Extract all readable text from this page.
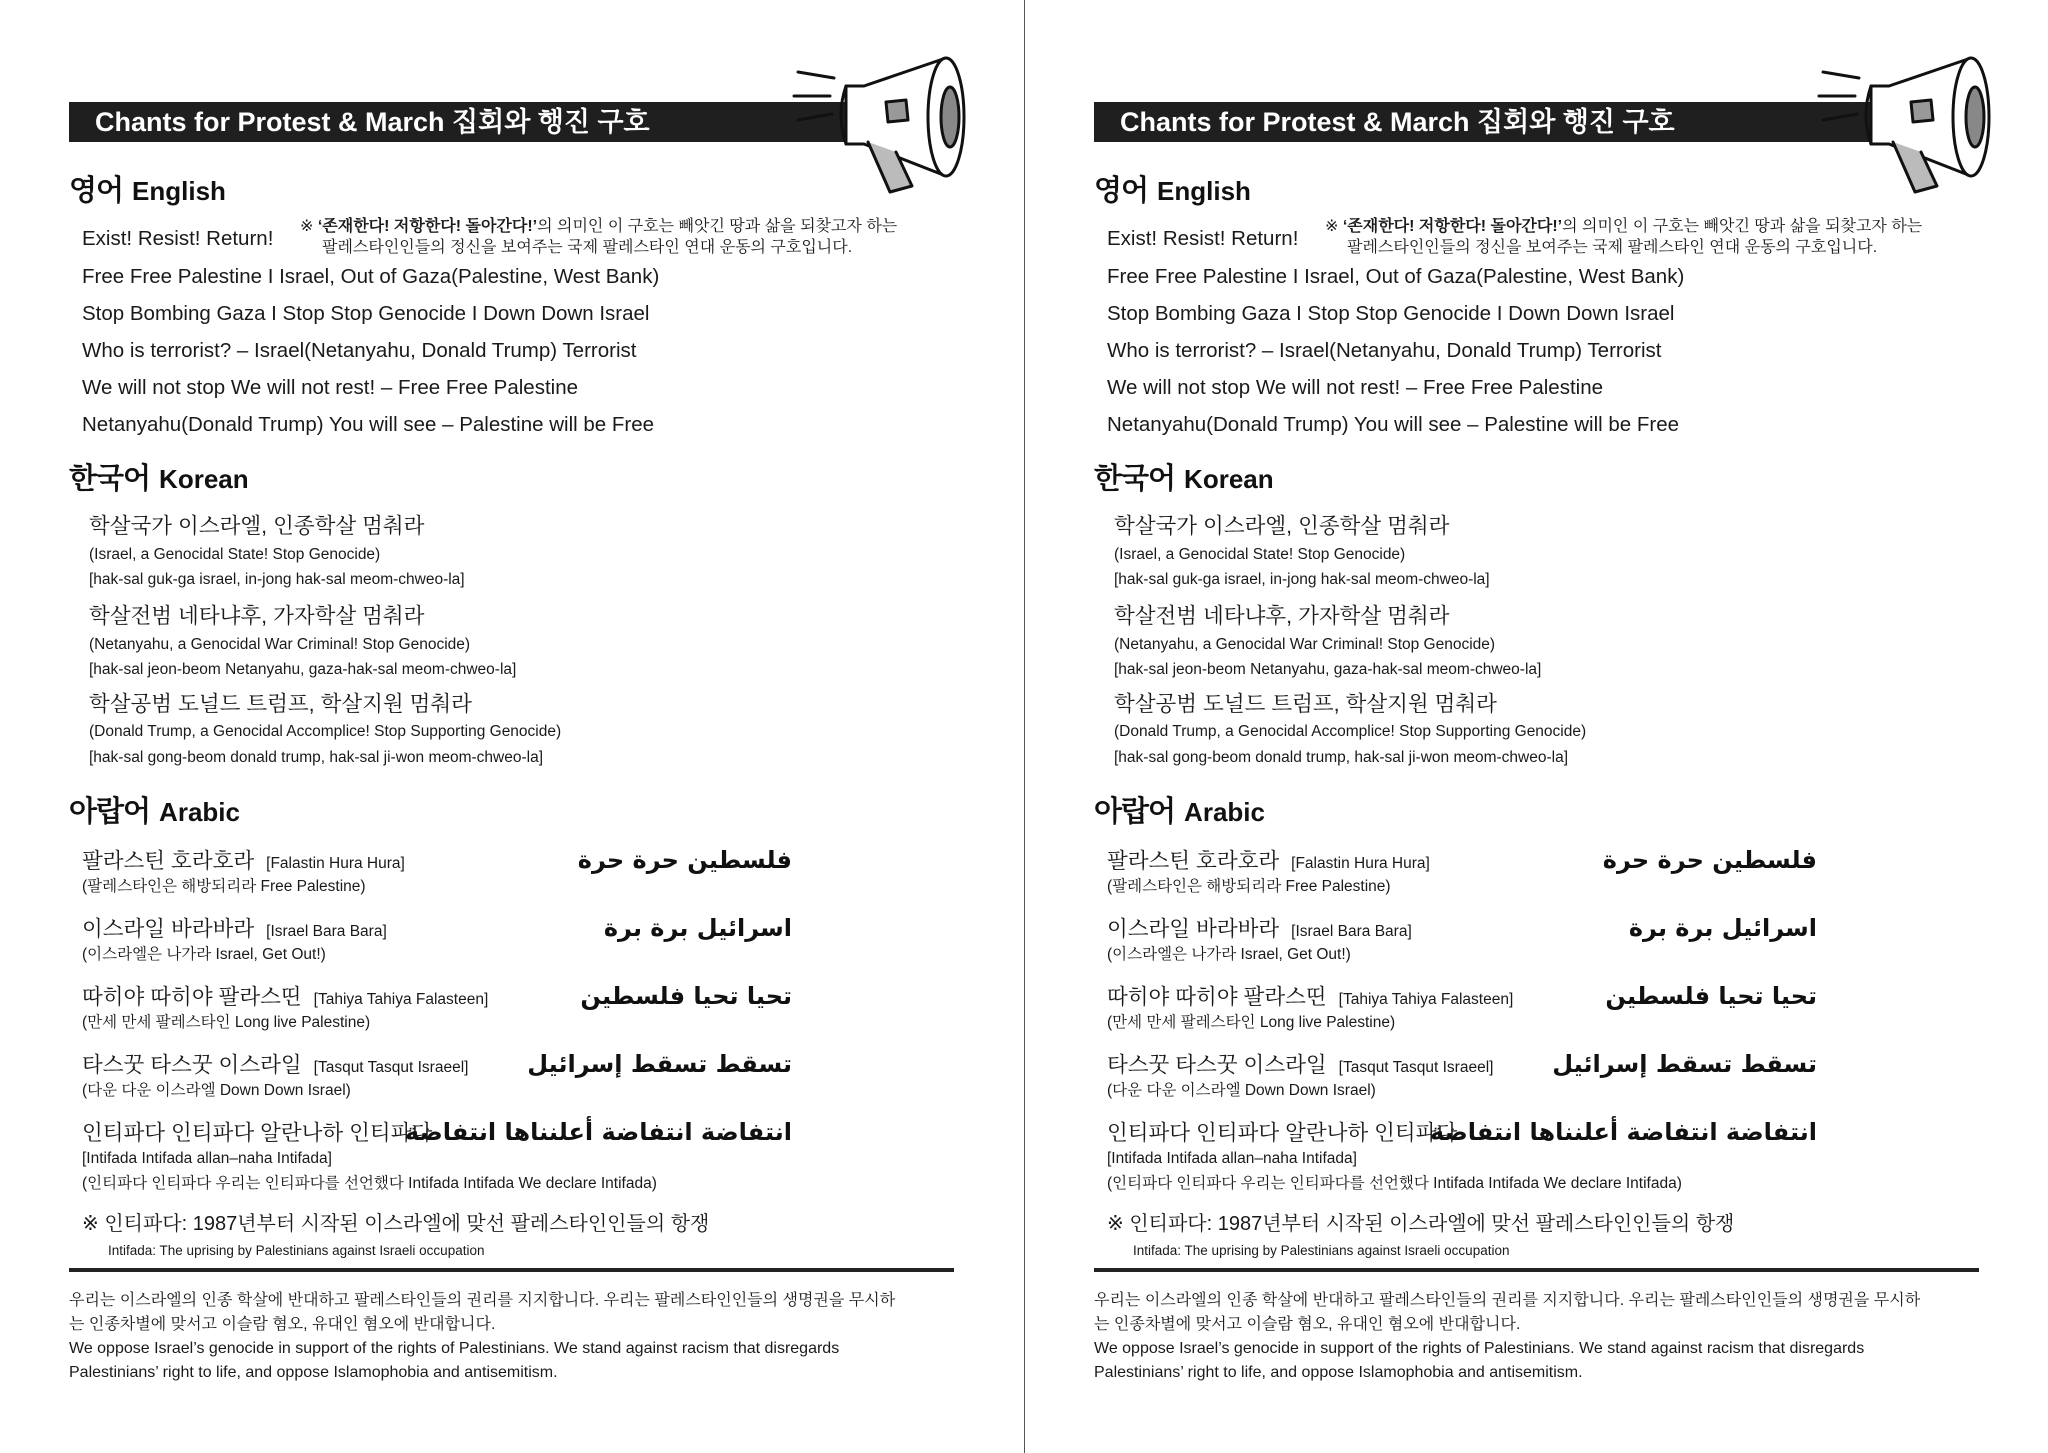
Chants for Protest & March 집회와 행진 구호
영어 English
Exist! Resist! Return!
※ ‘존재한다! 저항한다! 돌아간다!’의 의미인 이 구호는 빼앗긴 땅과 삶을 되찾고자 하는
팔레스타인인들의 정신을 보여주는 국제 팔레스타인 연대 운동의 구호입니다.
Free Free Palestine I Israel, Out of Gaza(Palestine, West Bank)
Stop Bombing Gaza I Stop Stop Genocide I Down Down Israel
Who is terrorist? – Israel(Netanyahu, Donald Trump) Terrorist
We will not stop We will not rest! – Free Free Palestine
Netanyahu(Donald Trump) You will see – Palestine will be Free
한국어 Korean
학살국가 이스라엘, 인종학살 멈춰라
(Israel, a Genocidal State! Stop Genocide)
[hak-sal guk-ga israel, in-jong hak-sal meom-chweo-la]
학살전범 네타냐후, 가자학살 멈춰라
(Netanyahu, a Genocidal War Criminal! Stop Genocide)
[hak-sal jeon-beom Netanyahu, gaza-hak-sal meom-chweo-la]
학살공범 도널드 트럼프, 학살지원 멈춰라
(Donald Trump, a Genocidal Accomplice! Stop Supporting Genocide)
[hak-sal gong-beom donald trump, hak-sal ji-won meom-chweo-la]
아랍어 Arabic
팔라스틴 호라호라 [Falastin Hura Hura]	فلسطين حرة حرة
(팔레스타인은 해방되리라 Free Palestine)
이스라일 바라바라 [Israel Bara Bara]	اسرائيل برة برة
(이스라엘은 나가라 Israel, Get Out!)
따히야 따히야 팔라스띤 [Tahiya Tahiya Falasteen]	تحيا تحيا فلسطين
(만세 만세 팔레스타인 Long live Palestine)
타스꿋 타스꿋 이스라일 [Tasqut Tasqut Israeel] تسقط تسقط إسرائيل
(다운 다운 이스라엘 Down Down Israel)
인티파다 인티파다 알란나하 인티파다
انتفاضة انتفاضة أعلنناها انتفاضة
[Intifada Intifada allan–naha Intifada]
(인티파다 인티파다 우리는 인티파다를 선언했다 Intifada Intifada We declare Intifada)
※ 인티파다: 1987년부터 시작된 이스라엘에 맞선 팔레스타인인들의 항쟁
Intifada: The uprising by Palestinians against Israeli occupation
우리는 이스라엘의 인종 학살에 반대하고 팔레스타인들의 권리를 지지합니다. 우리는 팔레스타인인들의 생명권을 무시하
는 인종차별에 맞서고 이슬람 혐오, 유대인 혐오에 반대합니다.
We oppose Israel’s genocide in support of the rights of Palestinians. We stand against racism that disregards
Palestinians’ right to life, and oppose Islamophobia and antisemitism.
Chants for Protest & March 집회와 행진 구호
영어 English
Exist! Resist! Return!
※ ‘존재한다! 저항한다! 돌아간다!’의 의미인 이 구호는 빼앗긴 땅과 삶을 되찾고자 하는
팔레스타인인들의 정신을 보여주는 국제 팔레스타인 연대 운동의 구호입니다.
Free Free Palestine I Israel, Out of Gaza(Palestine, West Bank)
Stop Bombing Gaza I Stop Stop Genocide I Down Down Israel
Who is terrorist? – Israel(Netanyahu, Donald Trump) Terrorist
We will not stop We will not rest! – Free Free Palestine
Netanyahu(Donald Trump) You will see – Palestine will be Free
한국어 Korean
학살국가 이스라엘, 인종학살 멈춰라
(Israel, a Genocidal State! Stop Genocide)
[hak-sal guk-ga israel, in-jong hak-sal meom-chweo-la]
학살전범 네타냐후, 가자학살 멈춰라
(Netanyahu, a Genocidal War Criminal! Stop Genocide)
[hak-sal jeon-beom Netanyahu, gaza-hak-sal meom-chweo-la]
학살공범 도널드 트럼프, 학살지원 멈춰라
(Donald Trump, a Genocidal Accomplice! Stop Supporting Genocide)
[hak-sal gong-beom donald trump, hak-sal ji-won meom-chweo-la]
아랍어 Arabic
팔라스틴 호라호라 [Falastin Hura Hura]	فلسطين حرة حرة
(팔레스타인은 해방되리라 Free Palestine)
이스라일 바라바라 [Israel Bara Bara]	اسرائيل برة برة
(이스라엘은 나가라 Israel, Get Out!)
따히야 따히야 팔라스띤 [Tahiya Tahiya Falasteen]	تحيا تحيا فلسطين
(만세 만세 팔레스타인 Long live Palestine)
타스꿋 타스꿋 이스라일 [Tasqut Tasqut Israeel] تسقط تسقط إسرائيل
(다운 다운 이스라엘 Down Down Israel)
인티파다 인티파다 알란나하 인티파다
انتفاضة انتفاضة أعلنناها انتفاضة
[Intifada Intifada allan–naha Intifada]
(인티파다 인티파다 우리는 인티파다를 선언했다 Intifada Intifada We declare Intifada)
※ 인티파다: 1987년부터 시작된 이스라엘에 맞선 팔레스타인인들의 항쟁
Intifada: The uprising by Palestinians against Israeli occupation
우리는 이스라엘의 인종 학살에 반대하고 팔레스타인들의 권리를 지지합니다. 우리는 팔레스타인인들의 생명권을 무시하
는 인종차별에 맞서고 이슬람 혐오, 유대인 혐오에 반대합니다.
We oppose Israel’s genocide in support of the rights of Palestinians. We stand against racism that disregards
Palestinians’ right to life, and oppose Islamophobia and antisemitism.
